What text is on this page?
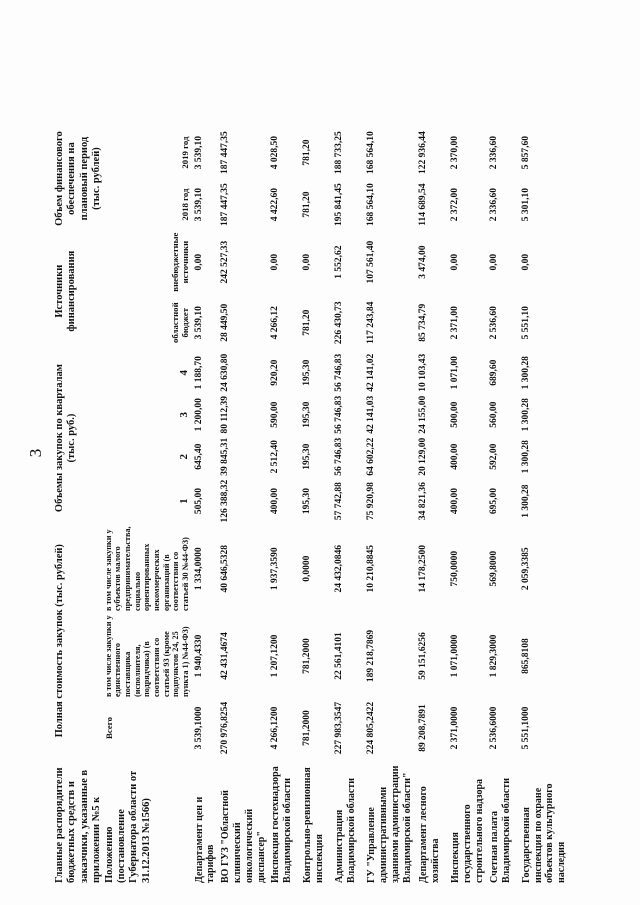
3
Главные распорядители бюджетных средств и заказчики, указанные в приложении №5 к Положению (постановление Губернатора области от 31.12.2013 №1566)	Полная стоимость закупок (тыс. рублей)			Объемы закупок по кварталам (тыс. руб.)				Источники финансирования		Объем финансового обеспечения на плановый период (тыс. рублей)	
	Всего	в том числе закупки у единственного поставщика (исполнителя, подрядчика) (в соответствии со статьей 93 (кроме подпунктов 24, 25 пункта 1) №44-ФЗ)	в том числе закупки у субъектов малого предпринимательства, социально ориентированных некоммерческих организаций (в соответствии со статьей 30 №44-ФЗ)	1	2	3	4	областной бюджет	внебюджетные источники	2018 год	2019 год

Департамент цен и тарифов	3 539,1000	1 940,4330	1 334,0000	505,00	645,40	1 200,00	1 188,70	3 539,10	0,00	3 539,10	3 539,10
ВО ГУЗ "Областной клинический онкологический диспансер"	270 976,8254	42 431,4674	40 646,5328	126 388,32	39 845,31	80 112,39	24 630,80	28 449,50	242 527,33	187 447,35	187 447,35
Инспекция гостехнадзора Владимирской области	4 266,1200	1 207,1200	1 937,3590	400,00	2 512,40	590,00	920,20	4 266,12	0,00	4 422,60	4 028,50
Контрольно-ревизионная инспекция	781,2000	781,2000	0,0000	195,30	195,30	195,30	195,30	781,20	0,00	781,20	781,20
Администрация Владимирской области	227 983,3547	22 561,4101	24 432,0846	57 742,88	56 746,83	56 746,83	56 746,83	226 430,73	1 552,62	195 841,45	188 733,25
ГУ "Управление административными зданиями администрации Владимирской области"	224 805,2422	189 218,7869	10 210,8845	75 920,98	64 602,22	42 141,03	42 141,02	117 243,84	107 561,40	168 564,10	168 564,10
Департамент лесного хозяйства	89 208,7891	59 151,6256	14 178,2500	34 821,36	20 129,00	24 155,00	10 103,43	85 734,79	3 474,00	114 689,54	122 936,44
Инспекция государственного строительного надзора	2 371,0000	1 071,0000	750,0000	400,00	400,00	500,00	1 071,00	2 371,00	0,00	2 372,00	2 370,00
Счетная палата Владимирской области	2 536,6000	1 829,3000	569,8000	695,00	592,00	560,00	689,60	2 536,60	0,00	2 336,60	2 336,60
Государственная инспекция по охране объектов культурного наследия	5 551,1000	865,8108	2 059,3385	1 300,28	1 300,28	1 300,28	1 300,28	5 551,10	0,00	5 301,10	5 857,60
